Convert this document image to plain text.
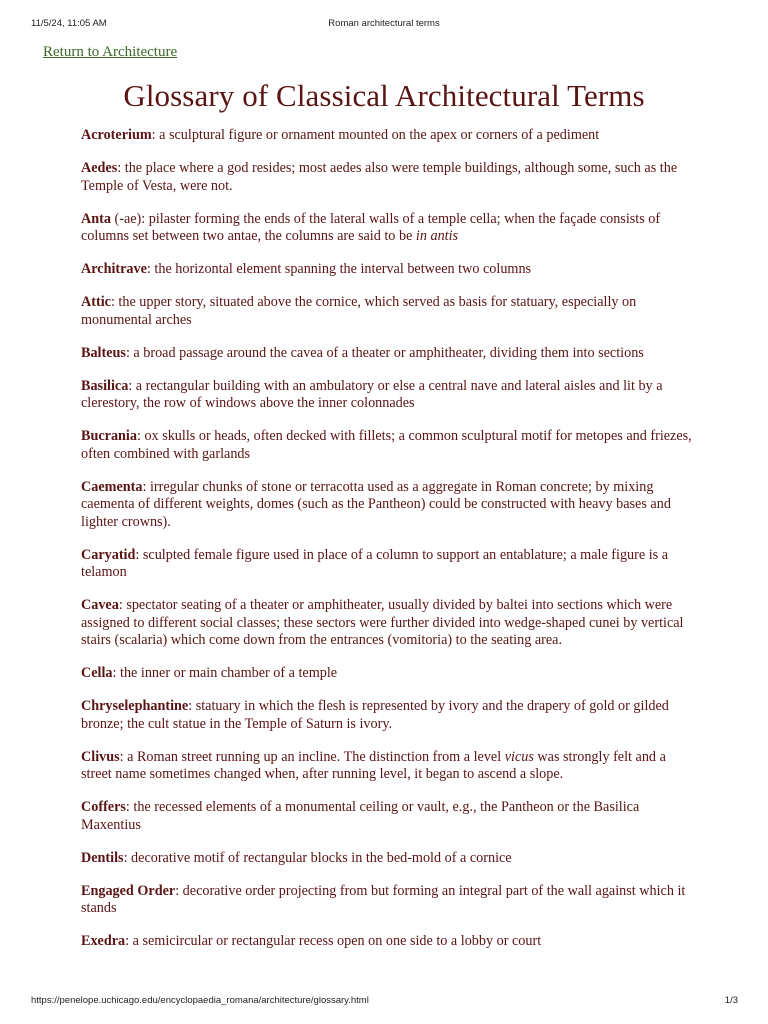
11/5/24, 11:05 AM	Roman architectural terms
Return to Architecture
Glossary of Classical Architectural Terms
Acroterium: a sculptural figure or ornament mounted on the apex or corners of a pediment
Aedes: the place where a god resides; most aedes also were temple buildings, although some, such as the Temple of Vesta, were not.
Anta (-ae): pilaster forming the ends of the lateral walls of a temple cella; when the façade consists of columns set between two antae, the columns are said to be in antis
Architrave: the horizontal element spanning the interval between two columns
Attic: the upper story, situated above the cornice, which served as basis for statuary, especially on monumental arches
Balteus: a broad passage around the cavea of a theater or amphitheater, dividing them into sections
Basilica: a rectangular building with an ambulatory or else a central nave and lateral aisles and lit by a clerestory, the row of windows above the inner colonnades
Bucrania: ox skulls or heads, often decked with fillets; a common sculptural motif for metopes and friezes, often combined with garlands
Caementa: irregular chunks of stone or terracotta used as a aggregate in Roman concrete; by mixing caementa of different weights, domes (such as the Pantheon) could be constructed with heavy bases and lighter crowns).
Caryatid: sculpted female figure used in place of a column to support an entablature; a male figure is a telamon
Cavea: spectator seating of a theater or amphitheater, usually divided by baltei into sections which were assigned to different social classes; these sectors were further divided into wedge-shaped cunei by vertical stairs (scalaria) which come down from the entrances (vomitoria) to the seating area.
Cella: the inner or main chamber of a temple
Chryselephantine: statuary in which the flesh is represented by ivory and the drapery of gold or gilded bronze; the cult statue in the Temple of Saturn is ivory.
Clivus: a Roman street running up an incline. The distinction from a level vicus was strongly felt and a street name sometimes changed when, after running level, it began to ascend a slope.
Coffers: the recessed elements of a monumental ceiling or vault, e.g., the Pantheon or the Basilica Maxentius
Dentils: decorative motif of rectangular blocks in the bed-mold of a cornice
Engaged Order: decorative order projecting from but forming an integral part of the wall against which it stands
Exedra: a semicircular or rectangular recess open on one side to a lobby or court
https://penelope.uchicago.edu/encyclopaedia_romana/architecture/glossary.html	1/3
